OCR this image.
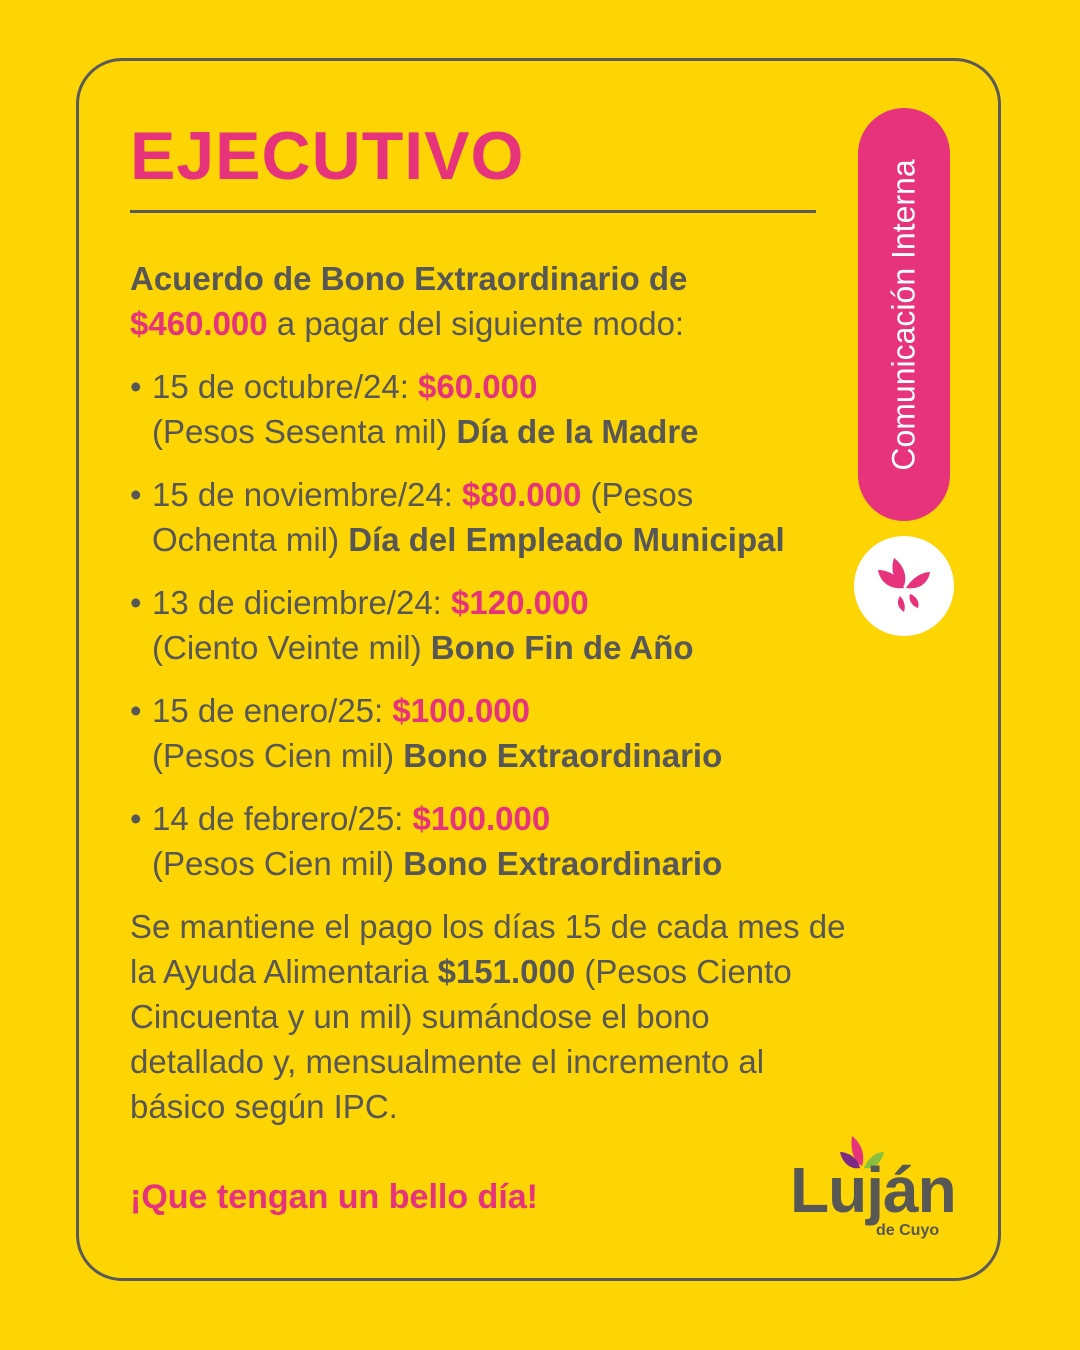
EJECUTIVO

Acuerdo de Bono Extraordinario de
$460.000 a pagar del siguiente modo:

• 15 de octubre/24: $60.000
(Pesos Sesenta mil) Día de la Madre

• 15 de noviembre/24: $80.000 (Pesos
Ochenta mil) Día del Empleado Municipal

• 13 de diciembre/24: $120.000
(Ciento Veinte mil) Bono Fin de Año

• 15 de enero/25: $100.000
(Pesos Cien mil) Bono Extraordinario

• 14 de febrero/25: $100.000
(Pesos Cien mil) Bono Extraordinario

Se mantiene el pago los días 15 de cada mes de la Ayuda Alimentaria $151.000 (Pesos Ciento Cincuenta y un mil) sumándose el bono detallado y, mensualmente el incremento al básico según IPC.

¡Que tengan un bello día!

Comunicación Interna
Luján
de Cuyo
